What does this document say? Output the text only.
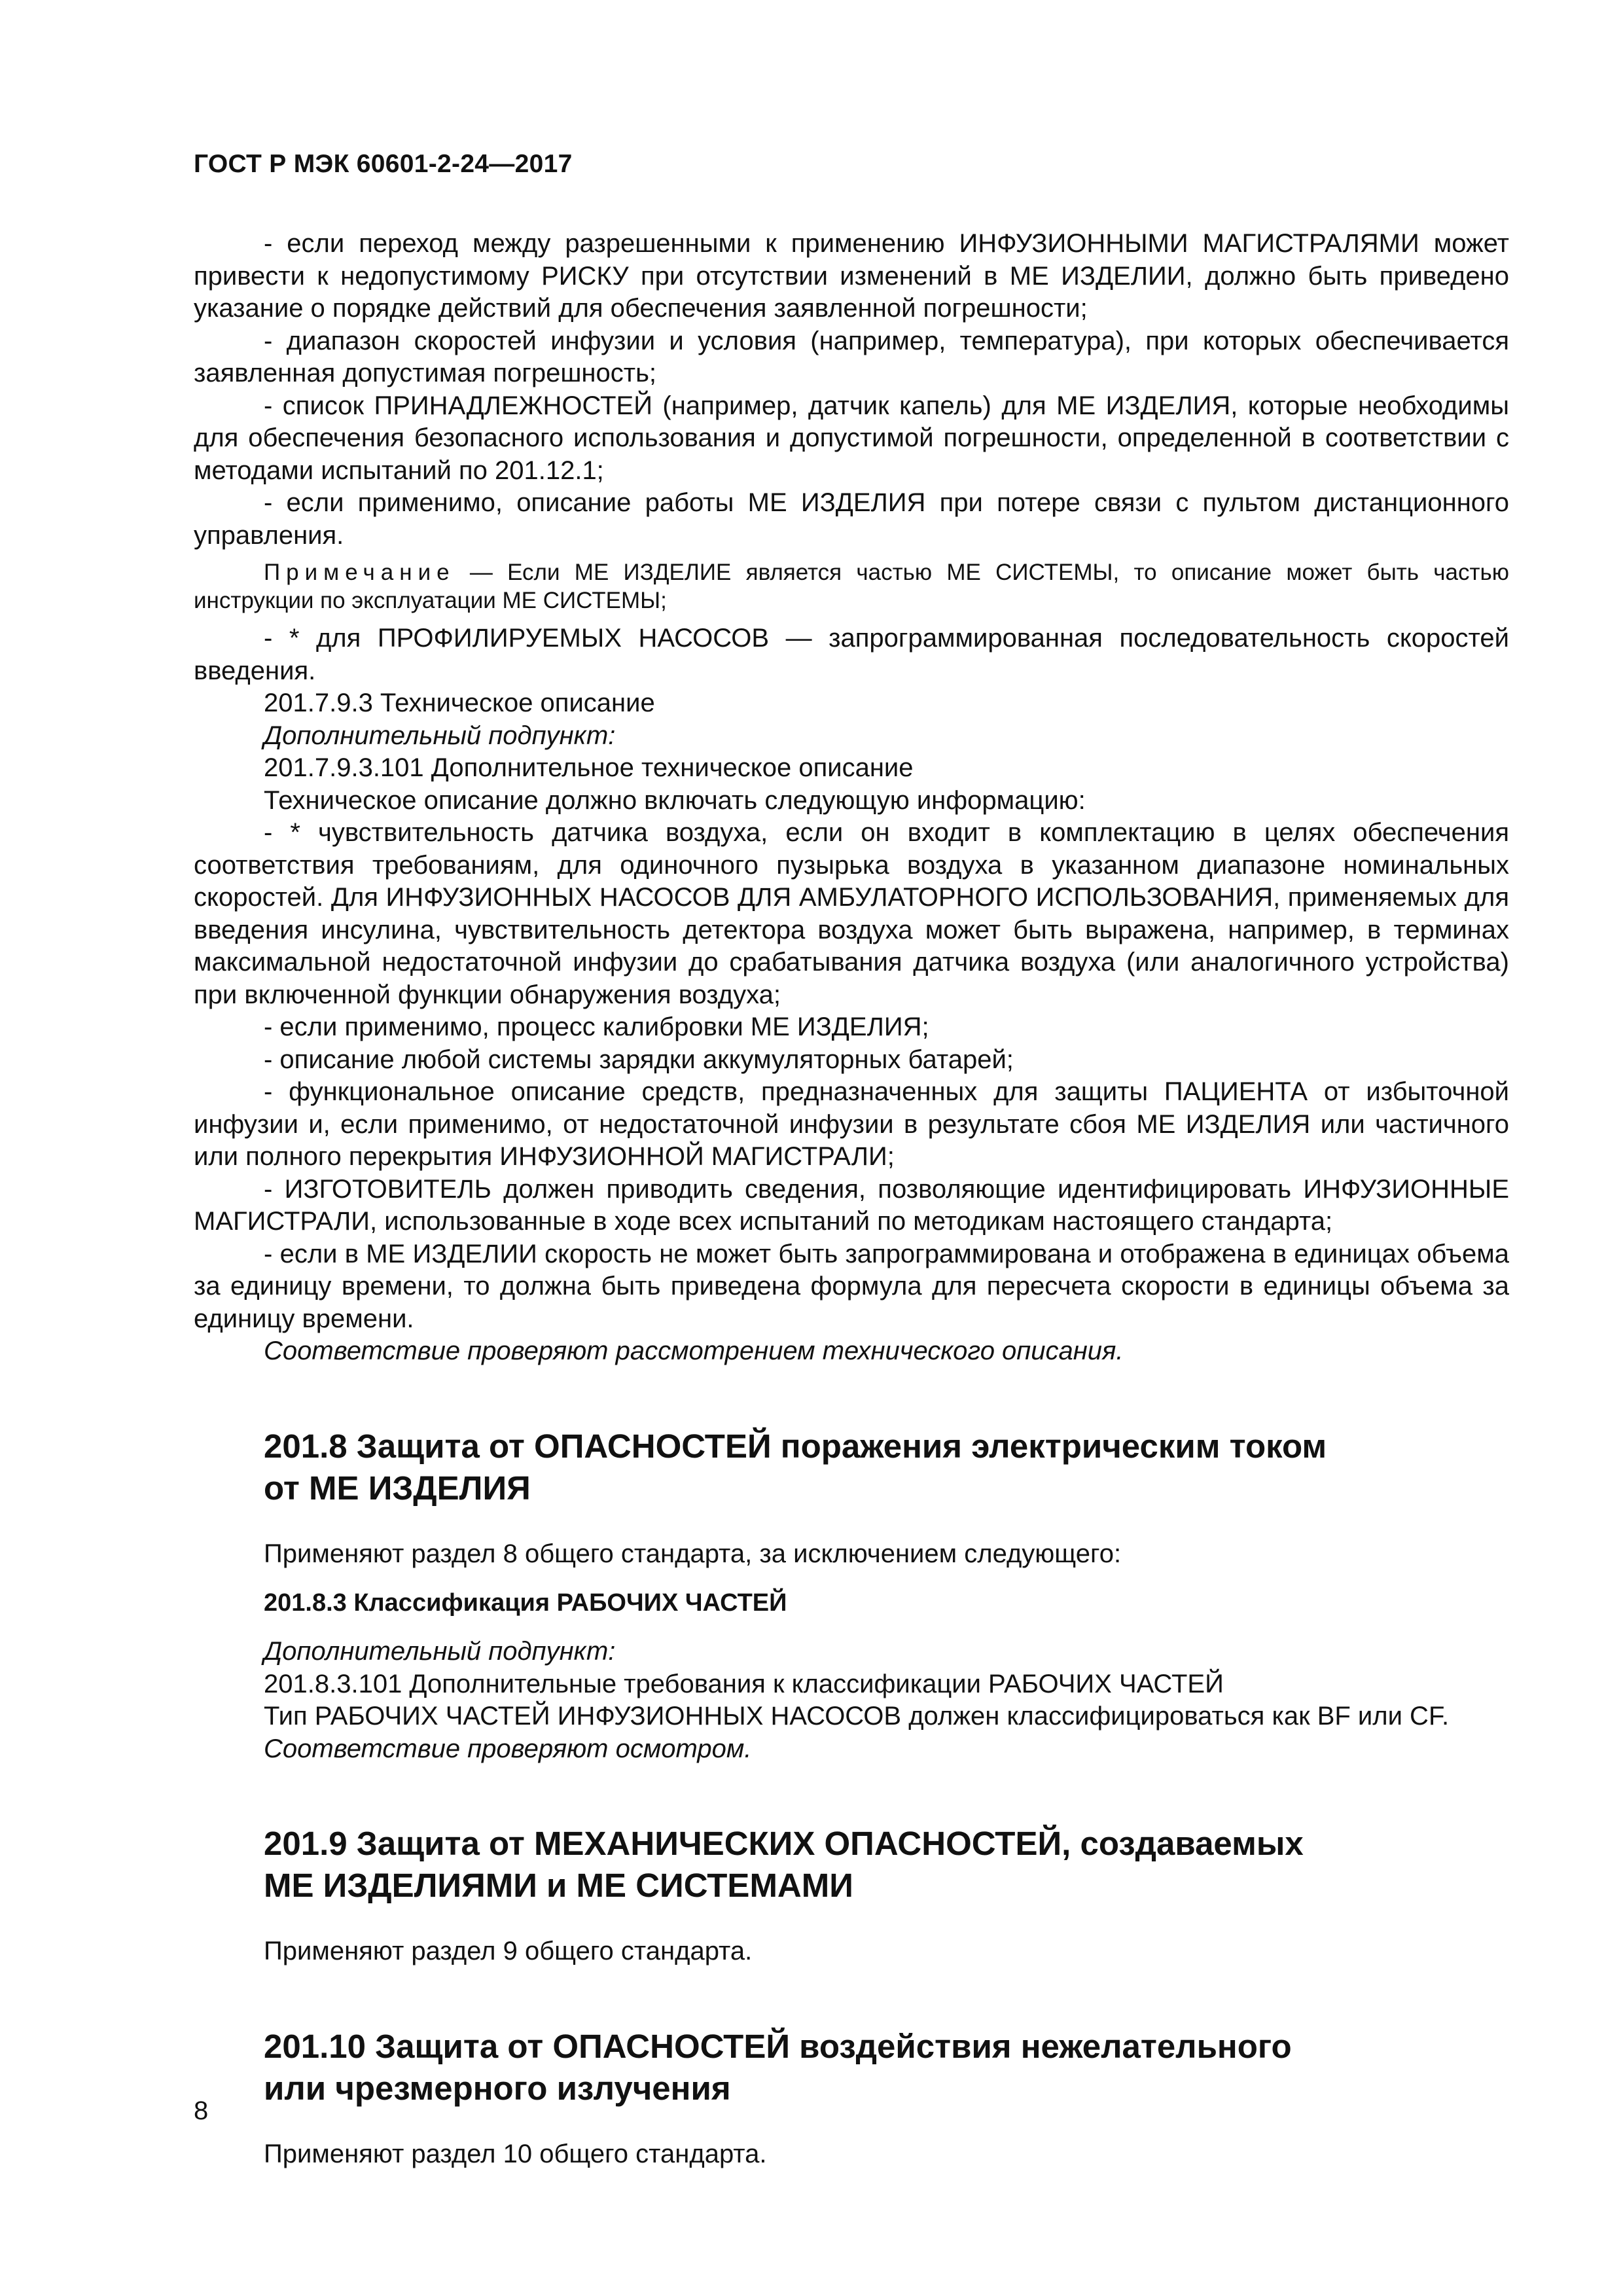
ГОСТ Р МЭК 60601-2-24—2017

- если переход между разрешенными к применению ИНФУЗИОННЫМИ МАГИСТРАЛЯМИ может привести к недопустимому РИСКУ при отсутствии изменений в МЕ ИЗДЕЛИИ, должно быть приведено указание о порядке действий для обеспечения заявленной погрешности;

- диапазон скоростей инфузии и условия (например, температура), при которых обеспечивается заявленная допустимая погрешность;

- список ПРИНАДЛЕЖНОСТЕЙ (например, датчик капель) для МЕ ИЗДЕЛИЯ, которые необходимы для обеспечения безопасного использования и допустимой погрешности, определенной в соответствии с методами испытаний по 201.12.1;

- если применимо, описание работы МЕ ИЗДЕЛИЯ при потере связи с пультом дистанционного управления.

Примечание — Если МЕ ИЗДЕЛИЕ является частью МЕ СИСТЕМЫ, то описание может быть частью инструкции по эксплуатации МЕ СИСТЕМЫ;

- * для ПРОФИЛИРУЕМЫХ НАСОСОВ — запрограммированная последовательность скоростей введения.

201.7.9.3 Техническое описание

Дополнительный подпункт:

201.7.9.3.101 Дополнительное техническое описание

Техническое описание должно включать следующую информацию:

- * чувствительность датчика воздуха, если он входит в комплектацию в целях обеспечения соответствия требованиям, для одиночного пузырька воздуха в указанном диапазоне номинальных скоростей. Для ИНФУЗИОННЫХ НАСОСОВ ДЛЯ АМБУЛАТОРНОГО ИСПОЛЬЗОВАНИЯ, применяемых для введения инсулина, чувствительность детектора воздуха может быть выражена, например, в терминах максимальной недостаточной инфузии до срабатывания датчика воздуха (или аналогичного устройства) при включенной функции обнаружения воздуха;

- если применимо, процесс калибровки МЕ ИЗДЕЛИЯ;

- описание любой системы зарядки аккумуляторных батарей;

- функциональное описание средств, предназначенных для защиты ПАЦИЕНТА от избыточной инфузии и, если применимо, от недостаточной инфузии в результате сбоя МЕ ИЗДЕЛИЯ или частичного или полного перекрытия ИНФУЗИОННОЙ МАГИСТРАЛИ;

- ИЗГОТОВИТЕЛЬ должен приводить сведения, позволяющие идентифицировать ИНФУЗИОННЫЕ МАГИСТРАЛИ, использованные в ходе всех испытаний по методикам настоящего стандарта;

- если в МЕ ИЗДЕЛИИ скорость не может быть запрограммирована и отображена в единицах объема за единицу времени, то должна быть приведена формула для пересчета скорости в единицы объема за единицу времени.

Соответствие проверяют рассмотрением технического описания.

201.8 Защита от ОПАСНОСТЕЙ поражения электрическим током
от МЕ ИЗДЕЛИЯ

Применяют раздел 8 общего стандарта, за исключением следующего:

201.8.3 Классификация РАБОЧИХ ЧАСТЕЙ

Дополнительный подпункт:

201.8.3.101 Дополнительные требования к классификации РАБОЧИХ ЧАСТЕЙ

Тип РАБОЧИХ ЧАСТЕЙ ИНФУЗИОННЫХ НАСОСОВ должен классифицироваться как BF или CF.

Соответствие проверяют осмотром.

201.9 Защита от МЕХАНИЧЕСКИХ ОПАСНОСТЕЙ, создаваемых
МЕ ИЗДЕЛИЯМИ и МЕ СИСТЕМАМИ

Применяют раздел 9 общего стандарта.

201.10 Защита от ОПАСНОСТЕЙ воздействия нежелательного
или чрезмерного излучения

Применяют раздел 10 общего стандарта.

8
